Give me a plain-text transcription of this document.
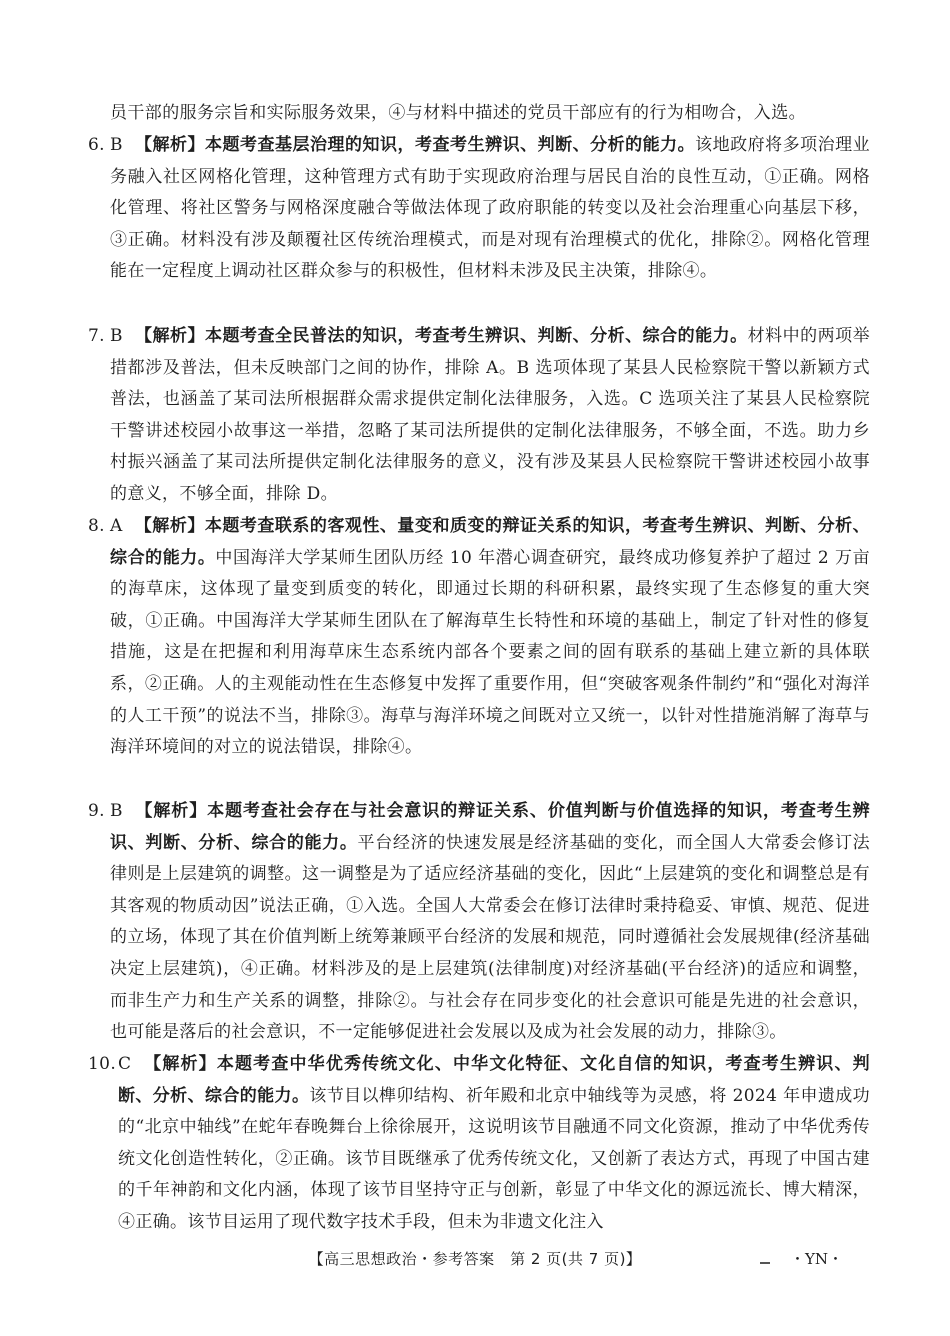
员干部的服务宗旨和实际服务效果，④与材料中描述的党员干部应有的行为相吻合，入选。
6. B 【解析】本题考查基层治理的知识，考查考生辨识、判断、分析的能力。该地政府将多项治理业务融入社区网格化管理，这种管理方式有助于实现政府治理与居民自治的良性互动，①正确。网格化管理、将社区警务与网格深度融合等做法体现了政府职能的转变以及社会治理重心向基层下移，③正确。材料没有涉及颠覆社区传统治理模式，而是对现有治理模式的优化，排除②。网格化管理能在一定程度上调动社区群众参与的积极性，但材料未涉及民主决策，排除④。
7. B 【解析】本题考查全民普法的知识，考查考生辨识、判断、分析、综合的能力。材料中的两项举措都涉及普法，但未反映部门之间的协作，排除 A。B 选项体现了某县人民检察院干警以新颖方式普法，也涵盖了某司法所根据群众需求提供定制化法律服务，入选。C 选项关注了某县人民检察院干警讲述校园小故事这一举措，忽略了某司法所提供的定制化法律服务，不够全面，不选。助力乡村振兴涵盖了某司法所提供定制化法律服务的意义，没有涉及某县人民检察院干警讲述校园小故事的意义，不够全面，排除 D。
8. A 【解析】本题考查联系的客观性、量变和质变的辩证关系的知识，考查考生辨识、判断、分析、综合的能力。中国海洋大学某师生团队历经 10 年潜心调查研究，最终成功修复养护了超过 2 万亩的海草床，这体现了量变到质变的转化，即通过长期的科研积累，最终实现了生态修复的重大突破，①正确。中国海洋大学某师生团队在了解海草生长特性和环境的基础上，制定了针对性的修复措施，这是在把握和利用海草床生态系统内部各个要素之间的固有联系的基础上建立新的具体联系，②正确。人的主观能动性在生态修复中发挥了重要作用，但“突破客观条件制约”和“强化对海洋的人工干预”的说法不当，排除③。海草与海洋环境之间既对立又统一，以针对性措施消解了海草与海洋环境间的对立的说法错误，排除④。
9. B 【解析】本题考查社会存在与社会意识的辩证关系、价值判断与价值选择的知识，考查考生辨识、判断、分析、综合的能力。平台经济的快速发展是经济基础的变化，而全国人大常委会修订法律则是上层建筑的调整。这一调整是为了适应经济基础的变化，因此“上层建筑的变化和调整总是有其客观的物质动因”说法正确，①入选。全国人大常委会在修订法律时秉持稳妥、审慎、规范、促进的立场，体现了其在价值判断上统筹兼顾平台经济的发展和规范，同时遵循社会发展规律(经济基础决定上层建筑)，④正确。材料涉及的是上层建筑(法律制度)对经济基础(平台经济)的适应和调整，而非生产力和生产关系的调整，排除②。与社会存在同步变化的社会意识可能是先进的社会意识，也可能是落后的社会意识，不一定能够促进社会发展以及成为社会发展的动力，排除③。
10. C 【解析】本题考查中华优秀传统文化、中华文化特征、文化自信的知识，考查考生辨识、判断、分析、综合的能力。该节目以榫卯结构、祈年殿和北京中轴线等为灵感，将 2024 年申遗成功的“北京中轴线”在蛇年春晚舞台上徐徐展开，这说明该节目融通不同文化资源，推动了中华优秀传统文化创造性转化，②正确。该节目既继承了优秀传统文化，又创新了表达方式，再现了中国古建的千年神韵和文化内涵，体现了该节目坚持守正与创新，彰显了中华文化的源远流长、博大精深，④正确。该节目运用了现代数字技术手段，但未为非遗文化注入
【高三思想政治・参考答案　第 2 页(共 7 页)】	・YN・
